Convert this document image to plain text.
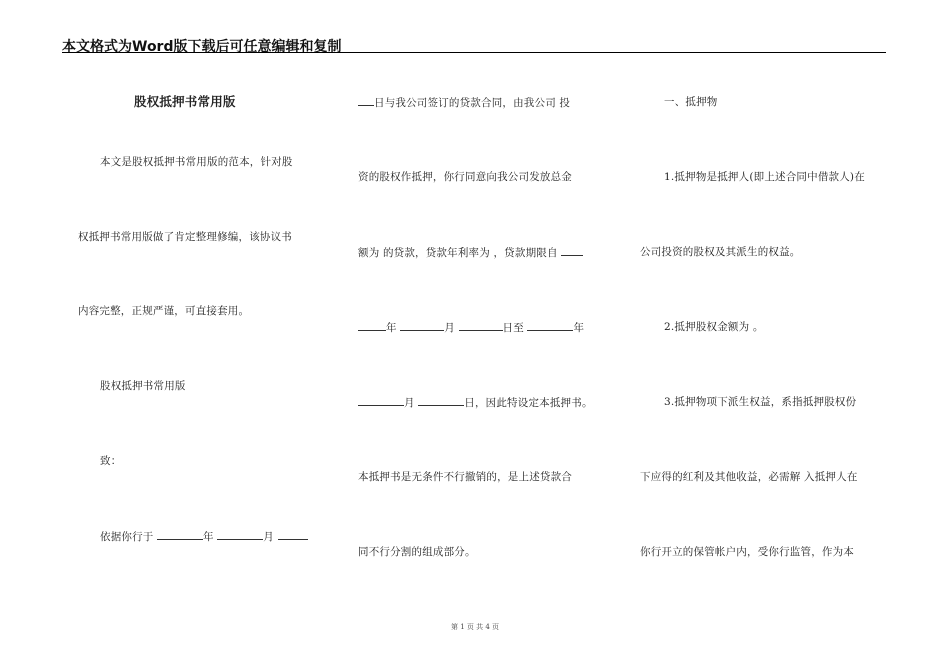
本文格式为Word版下载后可任意编辑和复制
股权抵押书常用版
本文是股权抵押书常用版的范本，针对股
权抵押书常用版做了肯定整理修编，该协议书
内容完整，正规严谨，可直接套用。
股权抵押书常用版
致：
依据你行于	年	月
日与我公司签订的贷款合同，由我公司 投
资的股权作抵押，你行同意向我公司发放总金
额为 的贷款，贷款年利率为 ，贷款期限自
年	月	日至	年
月	日，因此特设定本抵押书。
本抵押书是无条件不行撤销的，是上述贷款合
同不行分割的组成部分。
一、抵押物
1.抵押物是抵押人(即上述合同中借款人)在
公司投资的股权及其派生的权益。
2.抵押股权金额为 。
3.抵押物项下派生权益，系指抵押股权份
下应得的红利及其他收益，必需解 入抵押人在
你行开立的保管帐户内，受你行监管，作为本
第 1 页 共 4 页
